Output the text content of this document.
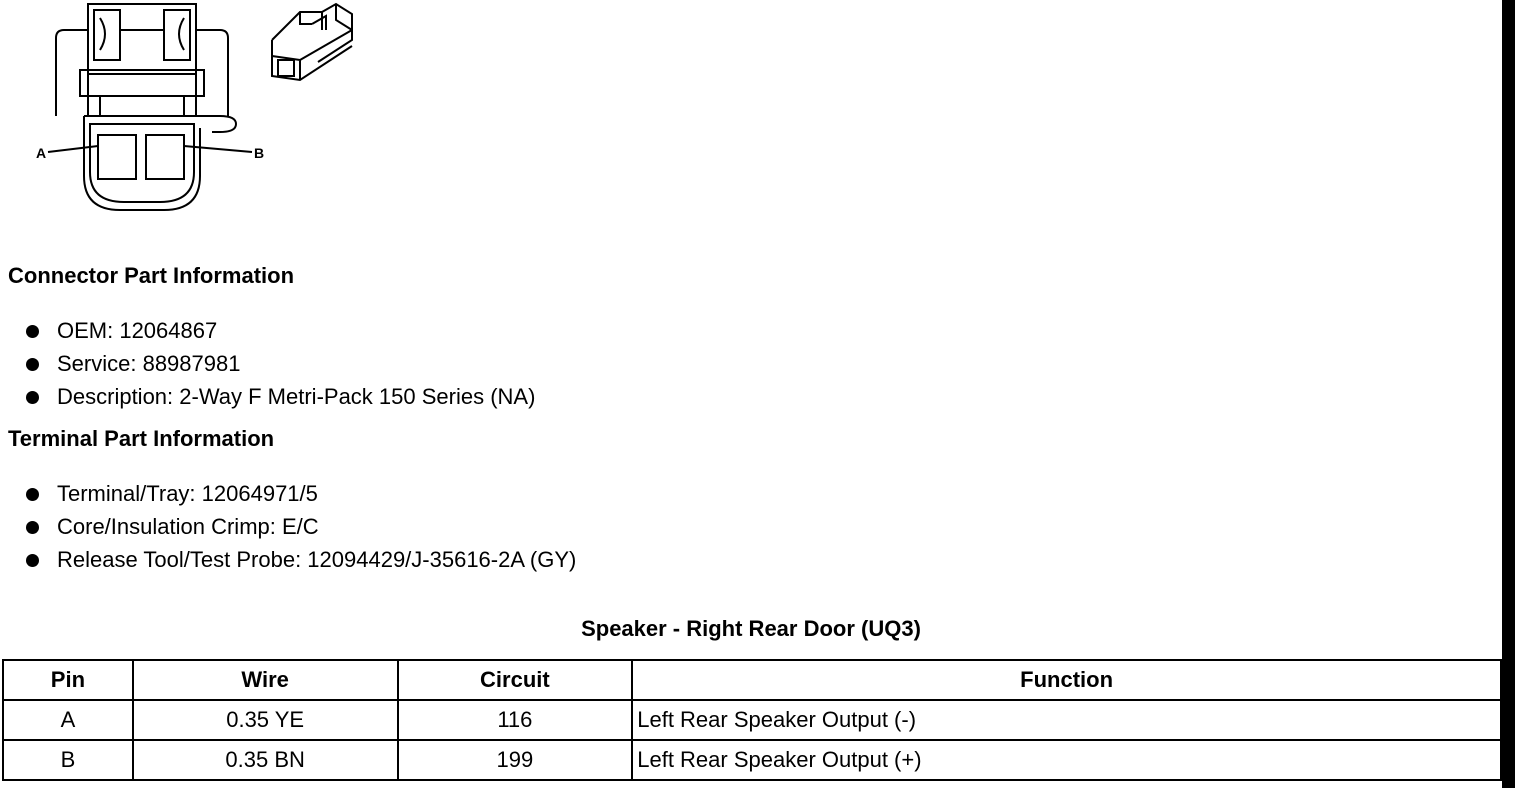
A	B
Connector Part Information
OEM: 12064867
Service: 88987981
Description: 2-Way F Metri-Pack 150 Series (NA)
Terminal Part Information
Terminal/Tray: 12064971/5
Core/Insulation Crimp: E/C
Release Tool/Test Probe: 12094429/J-35616-2A (GY)
Speaker - Right Rear Door (UQ3)
Pin	Wire	Circuit	Function
A	0.35 YE	116	Left Rear Speaker Output (-)
B	0.35 BN	199	Left Rear Speaker Output (+)
